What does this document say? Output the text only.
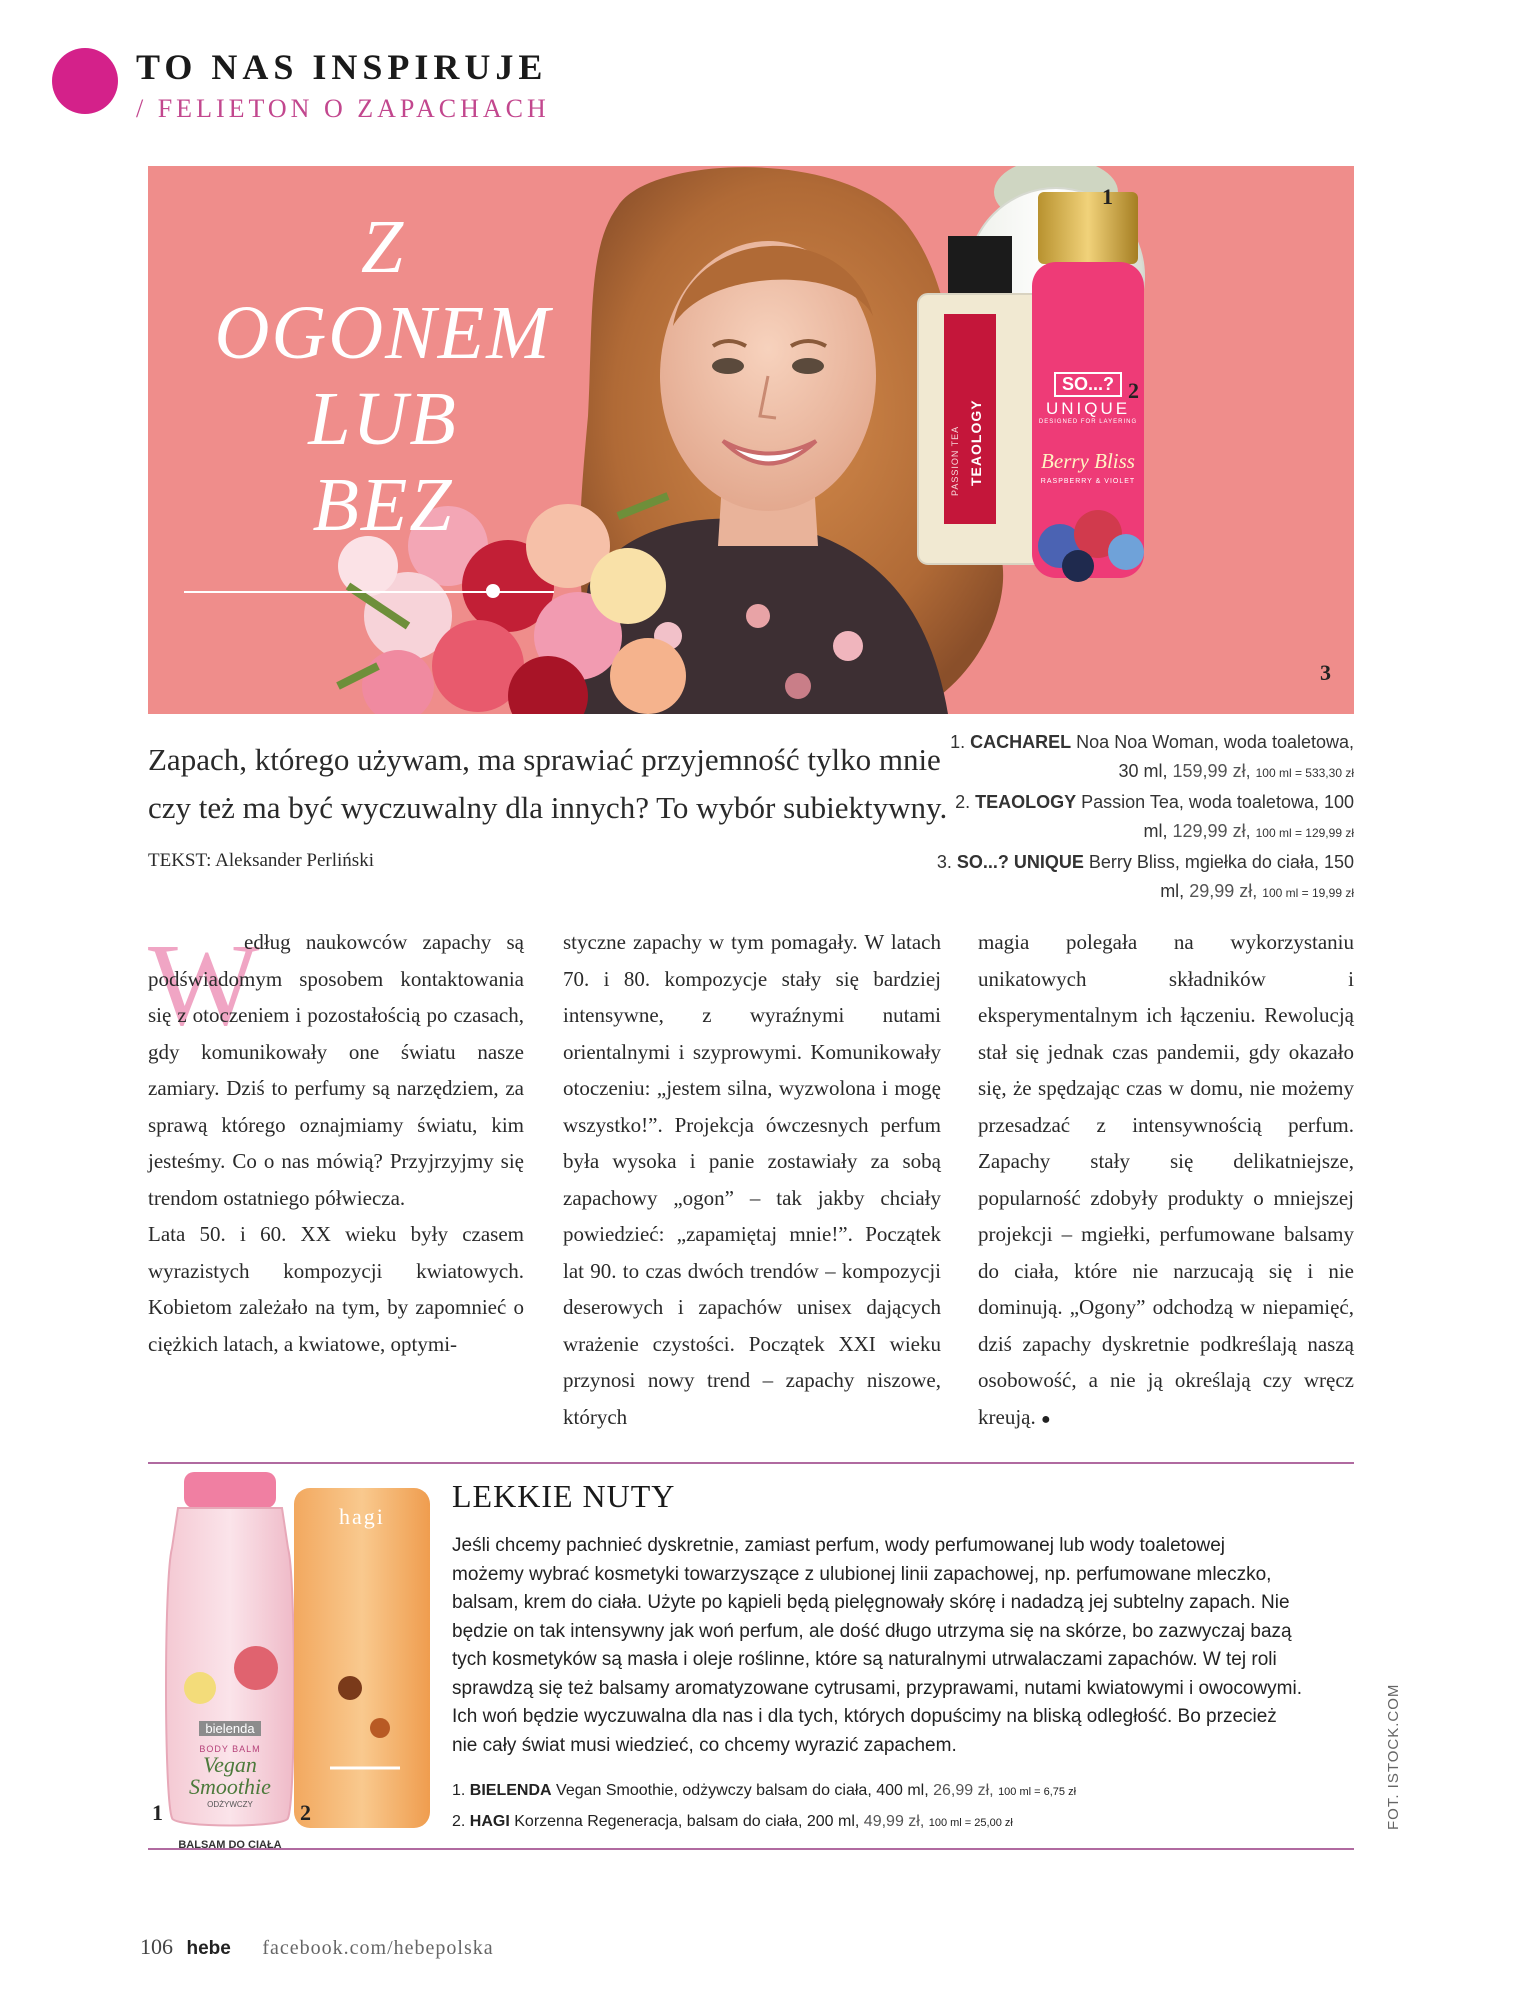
TO NAS INSPIRUJE
/ FELIETON O ZAPACHACH
Z
OGONEM
LUB
BEZ
TEAOLOGY
PASSION TEA
SO...?
UNIQUE
DESIGNED FOR LAYERING
Berry Bliss
RASPBERRY & VIOLET
1
2
3
Zapach, którego używam, ma sprawiać przyjemność tylko mnie czy też ma być wyczuwalny dla innych? To wybór subiektywny. TEKST: Aleksander Perliński
1. CACHAREL Noa Noa Woman, woda toaletowa, 30 ml, 159,99 zł, 100 ml = 533,30 zł
2. TEAOLOGY Passion Tea, woda toaletowa, 100 ml, 129,99 zł, 100 ml = 129,99 zł
3. SO...? UNIQUE Berry Bliss, mgiełka do ciała, 150 ml, 29,99 zł, 100 ml = 19,99 zł
W

edług naukowców zapachy są podświadomym sposobem kontaktowania się z otoczeniem i pozostałością po czasach, gdy komunikowały one światu nasze zamiary. Dziś to perfumy są narzędziem, za sprawą którego oznajmiamy światu, kim jesteśmy. Co o nas mówią? Przyjrzyjmy się trendom ostatniego półwiecza.

Lata 50. i 60. XX wieku były czasem wyrazistych kompozycji kwiatowych. Kobietom zależało na tym, by zapomnieć o ciężkich latach, a kwiatowe, optymi-

styczne zapachy w tym pomagały. W latach 70. i 80. kompozycje stały się bardziej intensywne, z wyraźnymi nutami orientalnymi i szyprowymi. Komunikowały otoczeniu: „jestem silna, wyzwolona i mogę wszystko!”. Projekcja ówczesnych perfum była wysoka i panie zostawiały za sobą zapachowy „ogon” – tak jakby chciały powiedzieć: „zapamiętaj mnie!”. Początek lat 90. to czas dwóch trendów – kompozycji deserowych i zapachów unisex dających wrażenie czystości. Początek XXI wieku przynosi nowy trend – zapachy niszowe, których

magia polegała na wykorzystaniu unikatowych składników i eksperymentalnym ich łączeniu. Rewolucją stał się jednak czas pandemii, gdy okazało się, że spędzając czas w domu, nie możemy przesadzać z intensywnością perfum. Zapachy stały się delikatniejsze, popularność zdobyły produkty o mniejszej projekcji – mgiełki, perfumowane balsamy do ciała, które nie narzucają się i nie dominują. „Ogony” odchodzą w niepamięć, dziś zapachy dyskretnie podkreślają naszą osobowość, a nie ją określają czy wręcz kreują. ●

bielenda
BODY BALM
Vegan Smoothie
ODŻYWCZY
BALSAM DO CIAŁA
hagi
1	2
LEKKIE NUTY
Jeśli chcemy pachnieć dyskretnie, zamiast perfum, wody perfumowanej lub wody toaletowej możemy wybrać kosmetyki towarzyszące z ulubionej linii zapachowej, np. perfumowane mleczko, balsam, krem do ciała. Użyte po kąpieli będą pielęgnowały skórę i nadadzą jej subtelny zapach. Nie będzie on tak intensywny jak woń perfum, ale dość długo utrzyma się na skórze, bo zazwyczaj bazą tych kosmetyków są masła i oleje roślinne, które są naturalnymi utrwalaczami zapachów. W tej roli sprawdzą się też balsamy aromatyzowane cytrusami, przyprawami, nutami kwiatowymi i owocowymi. Ich woń będzie wyczuwalna dla nas i dla tych, których dopuścimy na bliską odległość. Bo przecież nie cały świat musi wiedzieć, co chcemy wyrazić zapachem.
1. BIELENDA Vegan Smoothie, odżywczy balsam do ciała, 400 ml, 26,99 zł, 100 ml = 6,75 zł
2. HAGI Korzenna Regeneracja, balsam do ciała, 200 ml, 49,99 zł, 100 ml = 25,00 zł	FOT. ISTOCK.COM
106 hebe facebook.com/hebepolska
